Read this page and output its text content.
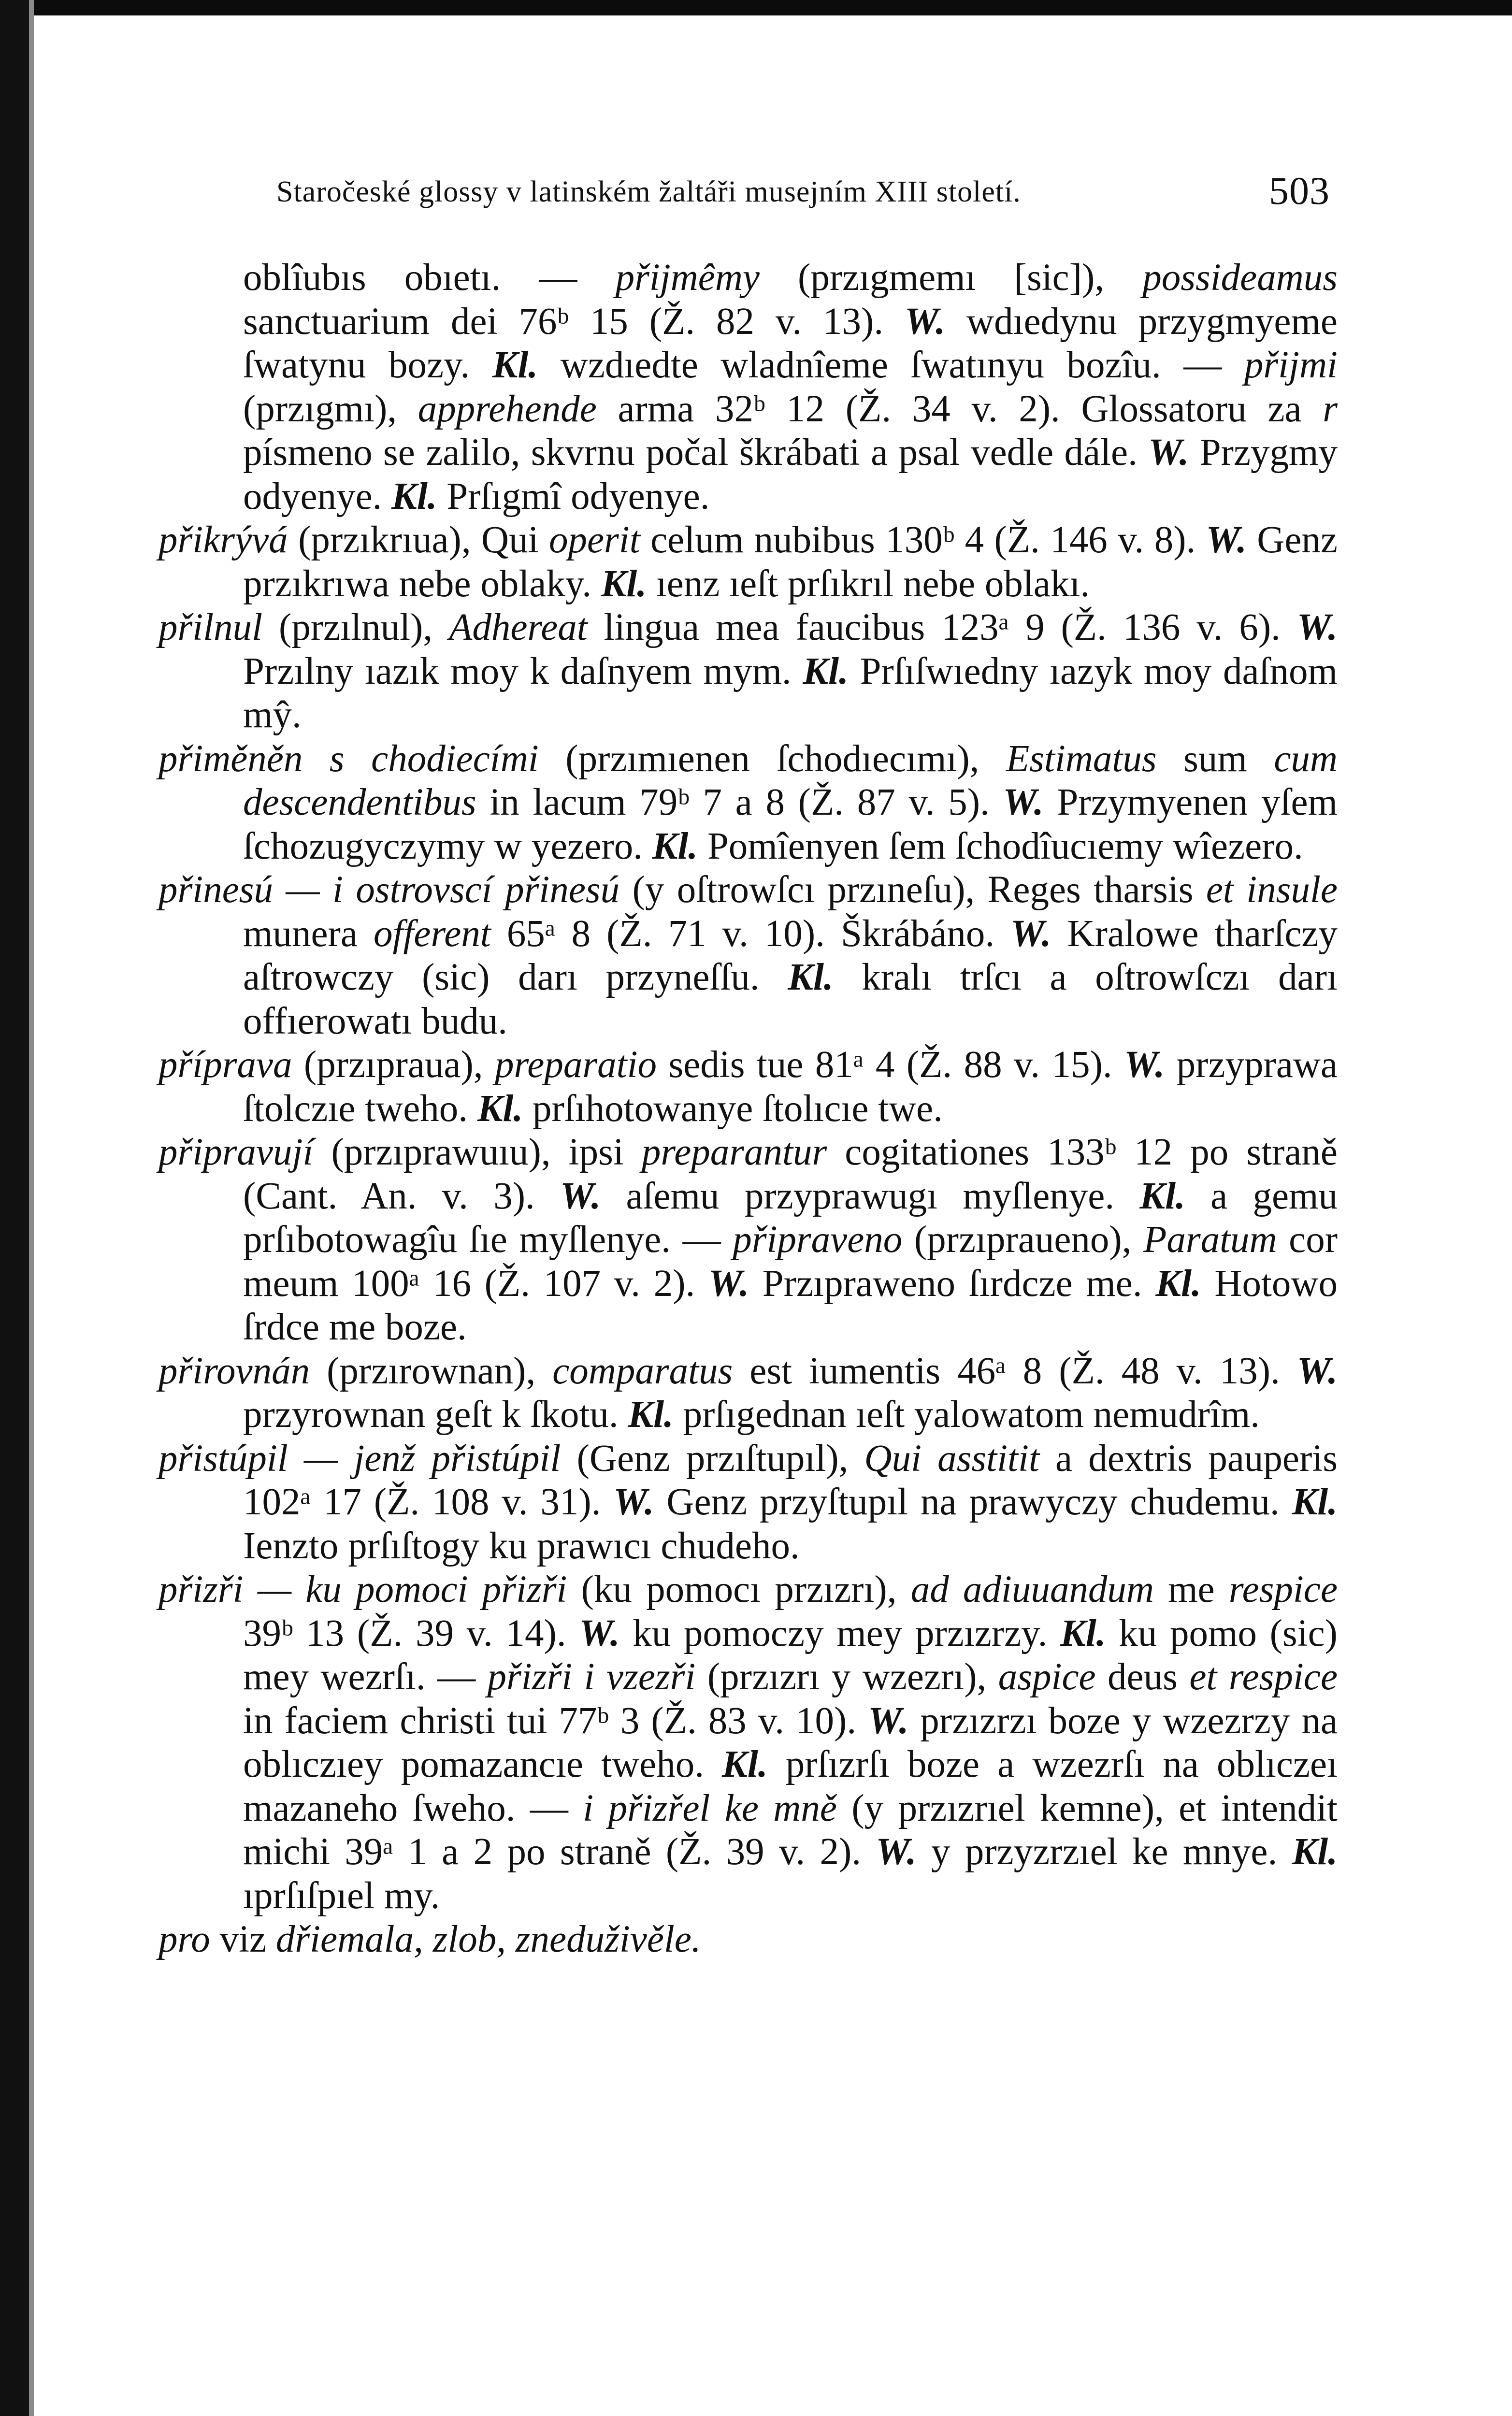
Staročeské glossy v latinském žaltáři musejním XIII století.	503

oblîubıs obıetı. — přijmêmy (przıgmemı [sic]), possideamus sanctuarium dei 76ᵇ 15 (Ž. 82 v. 13). W. wdıedynu przygmyeme ſwatynu bozy. Kl. wzdıedte wladnîeme ſwatınyu bozîu. — přijmi (przıgmı), apprehende arma 32ᵇ 12 (Ž. 34 v. 2). Glossatoru za r písmeno se zalilo, skvrnu počal škrábati a psal vedle dále. W. Przygmy odyenye. Kl. Prſıgmî odyenye.

přikrývá (przıkrıua), Qui operit celum nubibus 130ᵇ 4 (Ž. 146 v. 8). W. Genz przıkrıwa nebe oblaky. Kl. ıenz ıeſt prſıkrıl nebe oblakı.

přilnul (przılnul), Adhereat lingua mea faucibus 123ᵃ 9 (Ž. 136 v. 6). W. Przılny ıazık moy k daſnyem mym. Kl. Prſıſwıedny ıazyk moy daſnom mŷ.

přiměněn s chodiecími (przımıenen ſchodıecımı), Estimatus sum cum descendentibus in lacum 79ᵇ 7 a 8 (Ž. 87 v. 5). W. Przymyenen yſem ſchozugyczymy w yezero. Kl. Pomîenyen ſem ſchodîucıemy wîezero.

přinesú — i ostrovscí přinesú (y oſtrowſcı przıneſu), Reges tharsis et insule munera offerent 65ᵃ 8 (Ž. 71 v. 10). Škrábáno. W. Kralowe tharſczy aſtrowczy (sic) darı przyneſſu. Kl. kralı trſcı a oſtrowſczı darı offıerowatı budu.

příprava (przıpraua), preparatio sedis tue 81ᵃ 4 (Ž. 88 v. 15). W. przyprawa ſtolczıe tweho. Kl. prſıhotowanye ſtolıcıe twe.

připravují (przıprawuıu), ipsi preparantur cogitationes 133ᵇ 12 po straně (Cant. An. v. 3). W. aſemu przyprawugı myſlenye. Kl. a gemu prſıbotowagîu ſıe myſlenye. — připraveno (przıpraueno), Paratum cor meum 100ᵃ 16 (Ž. 107 v. 2). W. Przıpraweno ſırdcze me. Kl. Hotowo ſrdce me boze.

přirovnán (przırownan), comparatus est iumentis 46ᵃ 8 (Ž. 48 v. 13). W. przyrownan geſt k ſkotu. Kl. prſıgednan ıeſt yalowatom nemudrîm.

přistúpil — jenž přistúpil (Genz przıſtupıl), Qui asstitit a dextris pauperis 102ᵃ 17 (Ž. 108 v. 31). W. Genz przyſtupıl na prawyczy chudemu. Kl. Ienzto prſıſtogy ku prawıcı chudeho.

přizři — ku pomoci přizři (ku pomocı przızrı), ad adiuuandum me respice 39ᵇ 13 (Ž. 39 v. 14). W. ku pomoczy mey przızrzy. Kl. ku pomo (sic) mey wezrſı. — přizři i vzezři (przızrı y wzezrı), aspice deus et respice in faciem christi tui 77ᵇ 3 (Ž. 83 v. 10). W. przızrzı boze y wzezrzy na oblıczıey pomazancıe tweho. Kl. prſızrſı boze a wzezrſı na oblıczeı mazaneho ſweho. — i přizřel ke mně (y przızrıel kemne), et intendit michi 39ᵃ 1 a 2 po straně (Ž. 39 v. 2). W. y przyzrzıel ke mnye. Kl. ıprſıſpıel my.

pro viz dřiemala, zlob, zneduživěle.
